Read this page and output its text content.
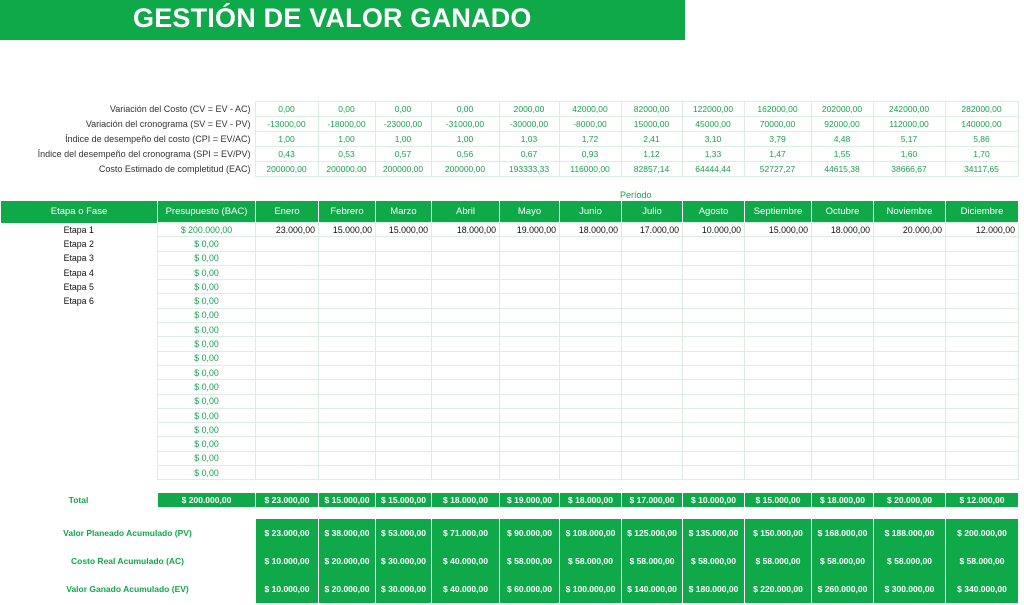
GESTIÓN DE VALOR GANADO
Variación del Costo (CV = EV - AC)	0,00	0,00	0,00	0,00	2000,00	42000,00	82000,00	122000,00	162000,00	202000,00	242000,00	282000,00
Variación del cronograma (SV = EV - PV)	-13000,00	-18000,00	-23000,00	-31000,00	-30000,00	-8000,00	15000,00	45000,00	70000,00	92000,00	112000,00	140000,00
Índice de desempeño del costo (CPI = EV/AC)	1,00	1,00	1,00	1,00	1,03	1,72	2,41	3,10	3,79	4,48	5,17	5,86
Índice del desempeño del cronograma (SPI = EV/PV)	0,43	0,53	0,57	0,56	0,67	0,93	1,12	1,33	1,47	1,55	1,60	1,70
Costo Estimado de completitud (EAC)	200000,00	200000,00	200000,00	200000,00	193333,33	116000,00	82857,14	64444,44	52727,27	44615,38	38666,67	34117,65
Período
Etapa o Fase	Presupuesto (BAC)	Enero	Febrero	Marzo	Abril	Mayo	Junio	Julio	Agosto	Septiembre	Octubre	Noviembre	Diciembre
Etapa 1	$ 200.000,00	23.000,00	15.000,00	15.000,00	18.000,00	19.000,00	18.000,00	17.000,00	10.000,00	15.000,00	18.000,00	20.000,00	12.000,00
Etapa 2	$ 0,00												
Etapa 3	$ 0,00												
Etapa 4	$ 0,00												
Etapa 5	$ 0,00												
Etapa 6	$ 0,00												
	$ 0,00												
	$ 0,00												
	$ 0,00												
	$ 0,00												
	$ 0,00												
	$ 0,00												
	$ 0,00												
	$ 0,00												
	$ 0,00												
	$ 0,00												
	$ 0,00												
	$ 0,00												
Total	$ 200.000,00	$ 23.000,00	$ 15.000,00	$ 15.000,00	$ 18.000,00	$ 19.000,00	$ 18.000,00	$ 17.000,00	$ 10.000,00	$ 15.000,00	$ 18.000,00	$ 20.000,00	$ 12.000,00
Valor Planeado Acumulado (PV)	$ 23.000,00	$ 38.000,00	$ 53.000,00	$ 71.000,00	$ 90.000,00	$ 108.000,00	$ 125.000,00	$ 135.000,00	$ 150.000,00	$ 168.000,00	$ 188.000,00	$ 200.000,00
Costo Real Acumulado (AC)	$ 10.000,00	$ 20.000,00	$ 30.000,00	$ 40.000,00	$ 58.000,00	$ 58.000,00	$ 58.000,00	$ 58.000,00	$ 58.000,00	$ 58.000,00	$ 58.000,00	$ 58.000,00
Valor Ganado Acumulado (EV)	$ 10.000,00	$ 20.000,00	$ 30.000,00	$ 40.000,00	$ 60.000,00	$ 100.000,00	$ 140.000,00	$ 180.000,00	$ 220.000,00	$ 260.000,00	$ 300.000,00	$ 340.000,00
